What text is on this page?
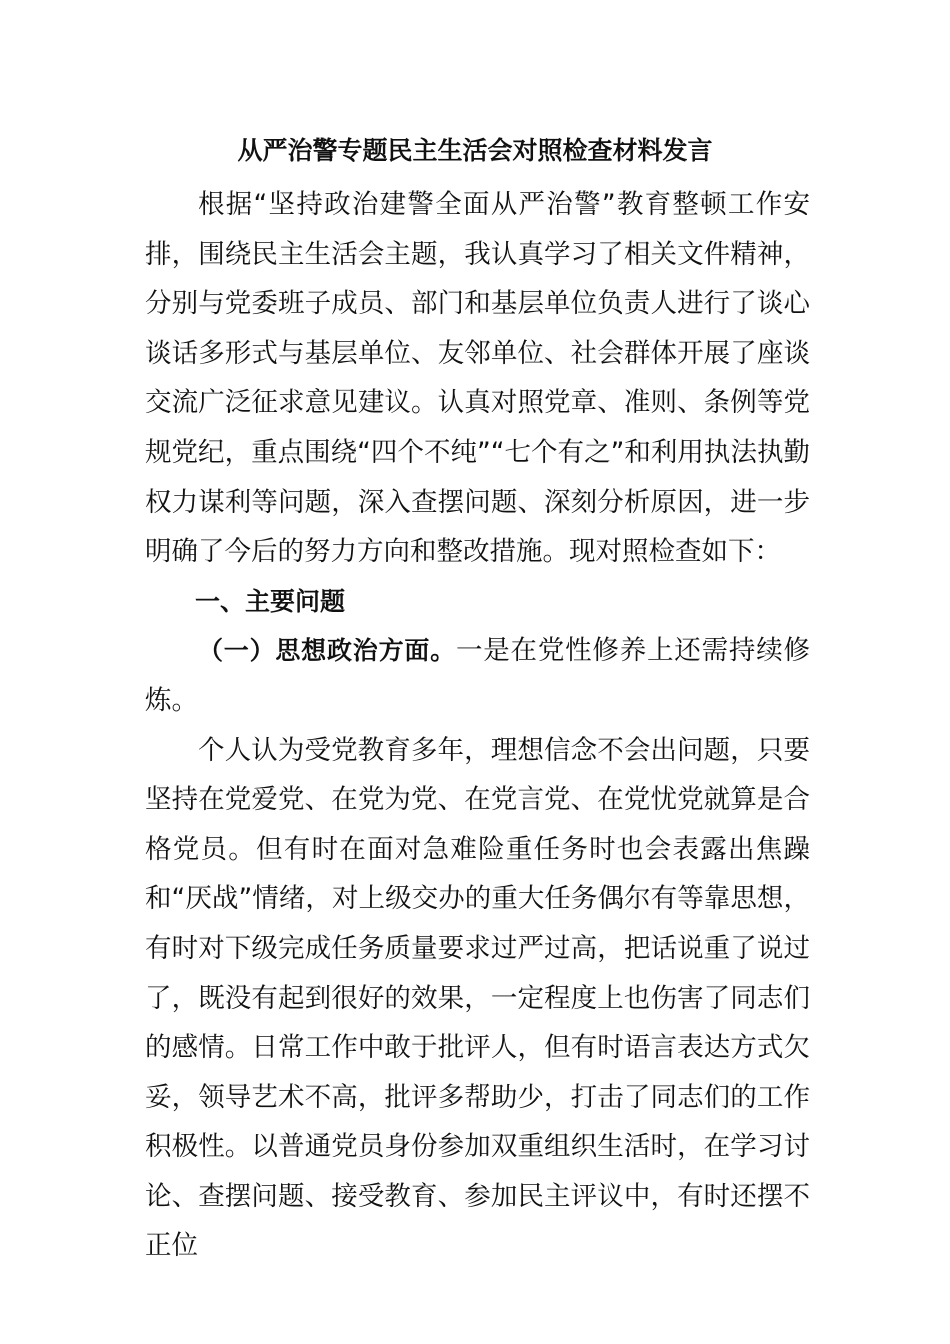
从严治警专题民主生活会对照检查材料发言

根据“坚持政治建警全面从严治警”教育整顿工作安排，围绕民主生活会主题，我认真学习了相关文件精神，分别与党委班子成员、部门和基层单位负责人进行了谈心谈话多形式与基层单位、友邻单位、社会群体开展了座谈交流广泛征求意见建议。认真对照党章、准则、条例等党规党纪，重点围绕“四个不纯”“七个有之”和利用执法执勤权力谋利等问题，深入查摆问题、深刻分析原因，进一步明确了今后的努力方向和整改措施。现对照检查如下：

一、主要问题

（一）思想政治方面。一是在党性修养上还需持续修炼。

个人认为受党教育多年，理想信念不会出问题，只要坚持在党爱党、在党为党、在党言党、在党忧党就算是合格党员。但有时在面对急难险重任务时也会表露出焦躁和“厌战”情绪，对上级交办的重大任务偶尔有等靠思想，有时对下级完成任务质量要求过严过高，把话说重了说过了，既没有起到很好的效果，一定程度上也伤害了同志们的感情。日常工作中敢于批评人，但有时语言表达方式欠妥，领导艺术不高，批评多帮助少，打击了同志们的工作积极性。以普通党员身份参加双重组织生活时，在学习讨论、查摆问题、接受教育、参加民主评议中，有时还摆不正位
